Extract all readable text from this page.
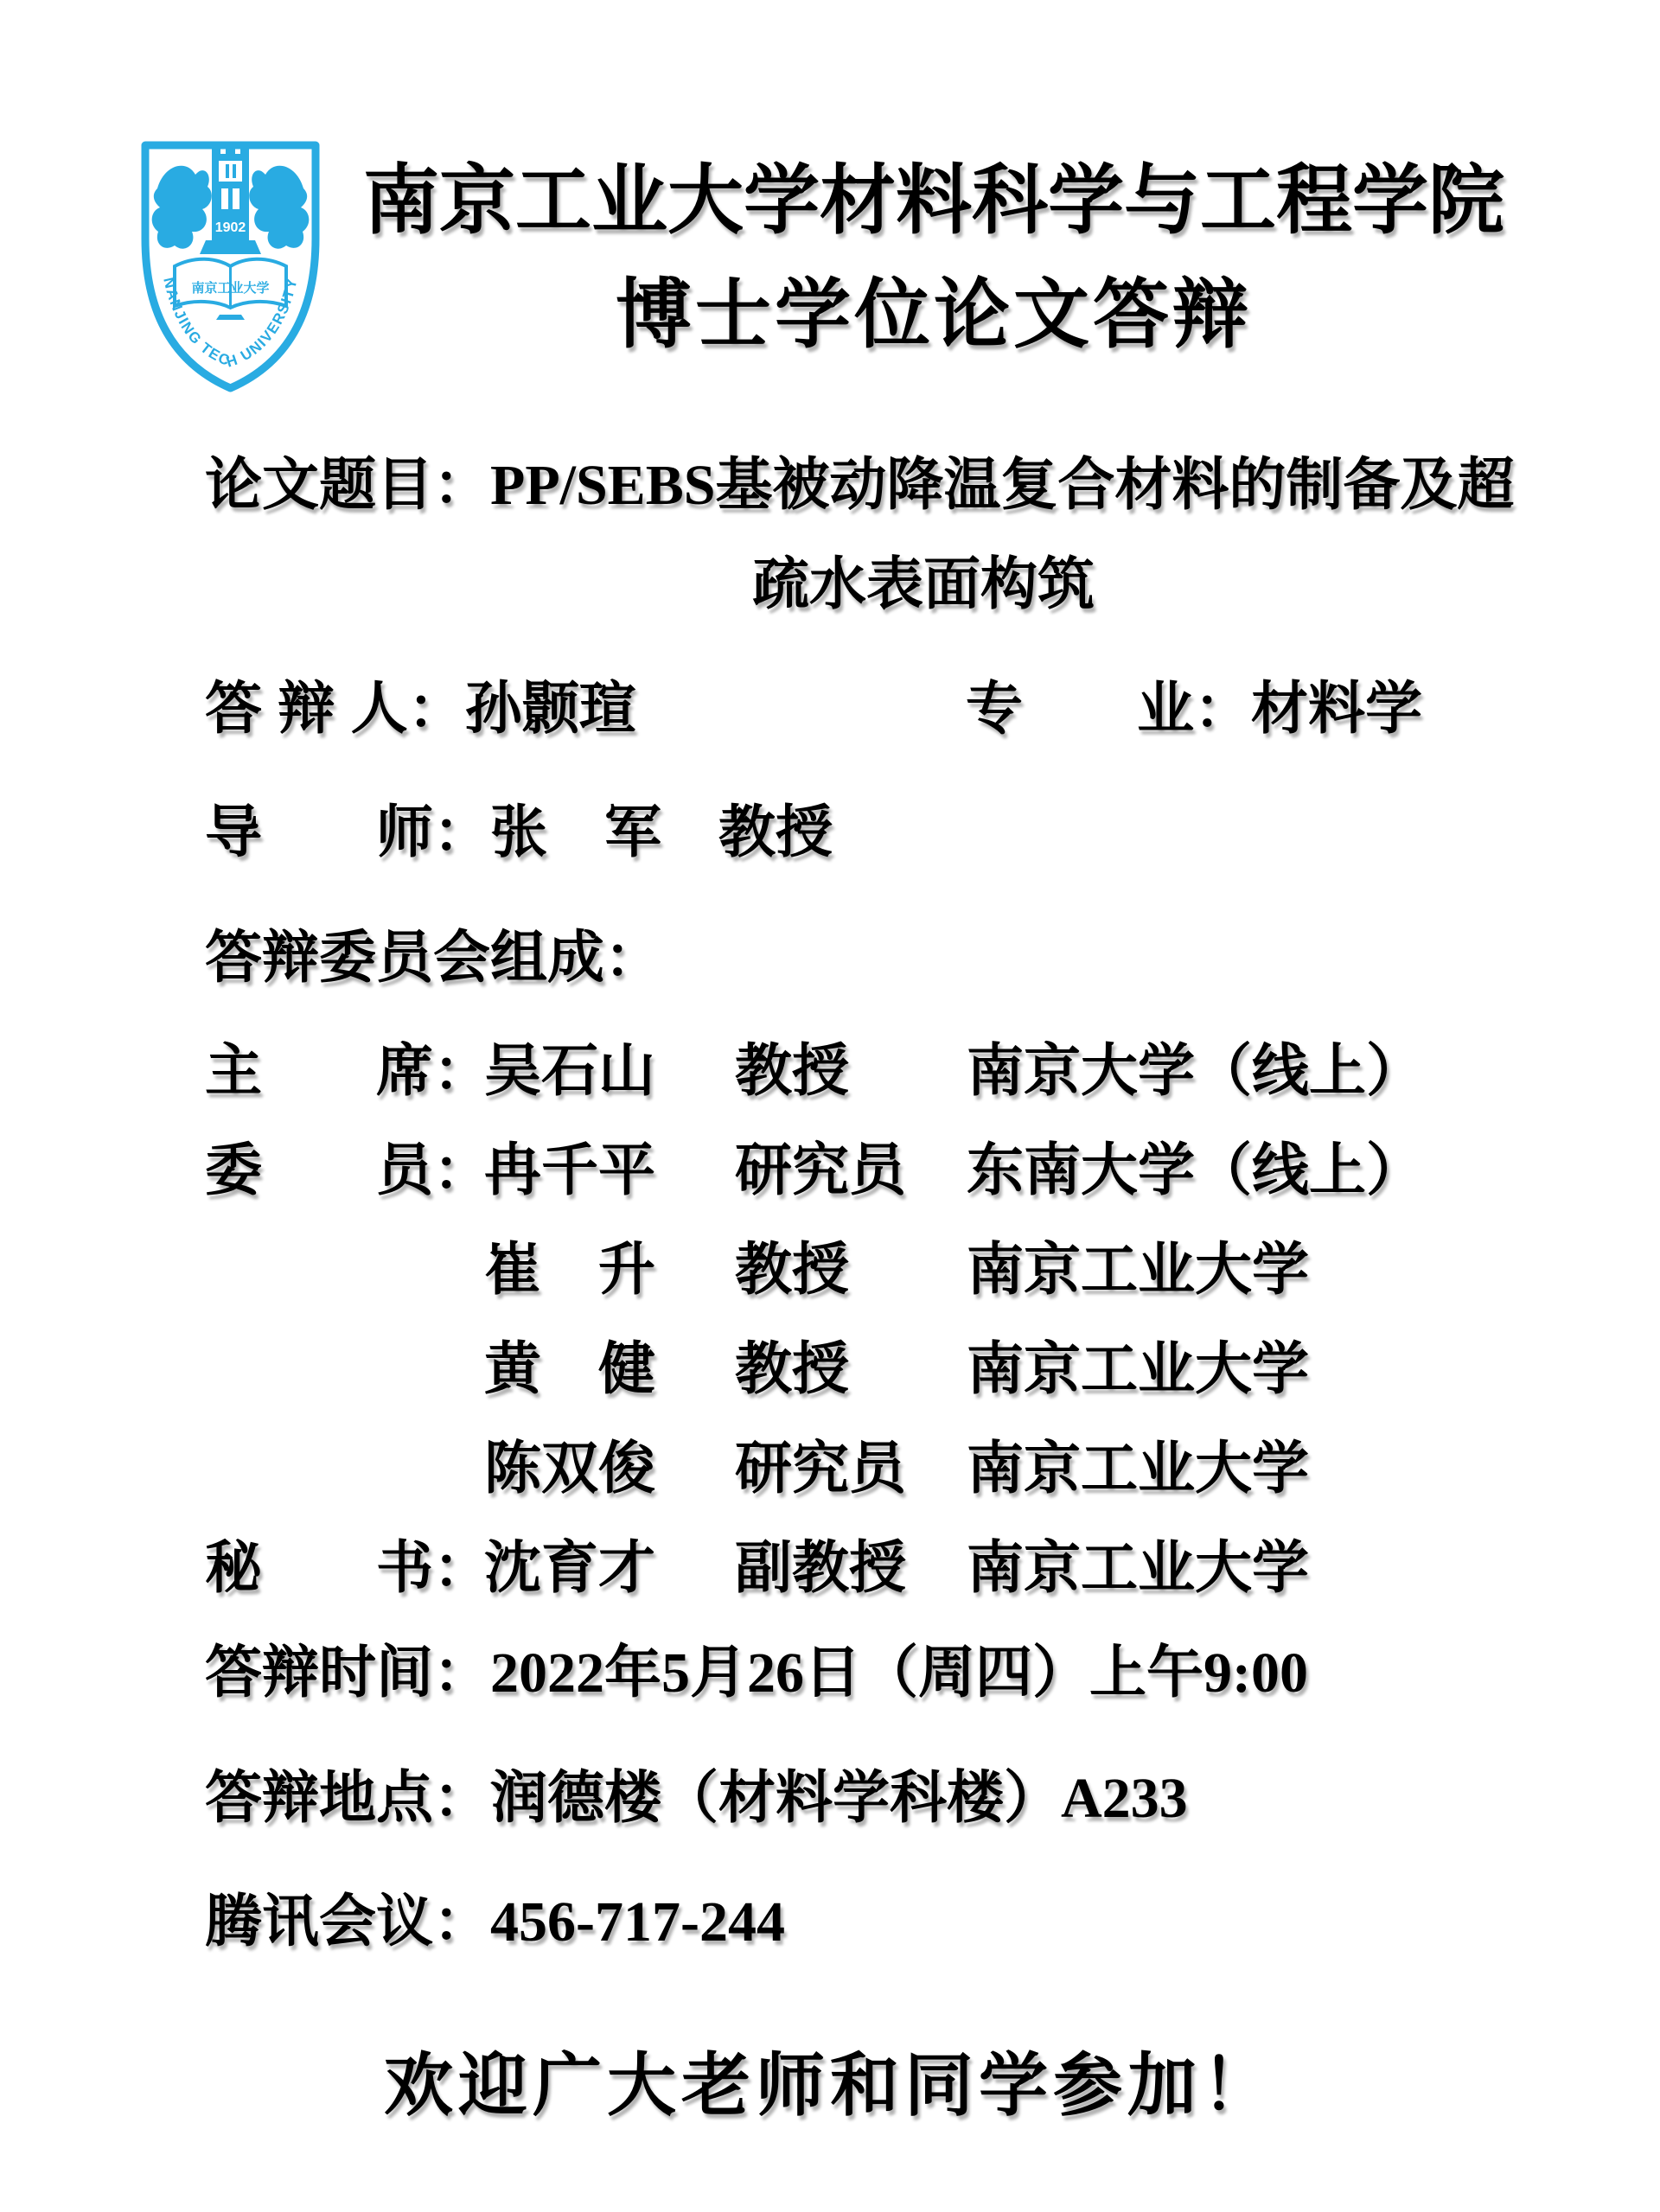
1902
南京工业大学
NANJING TECH UNIVERSITY
南京工业大学材料科学与工程学院
博士学位论文答辩
论文题目：PP/SEBS基被动降温复合材料的制备及超
疏水表面构筑
答 辩 人：孙颢瑄	专　　业：材料学
导　　师：张　军　教授
答辩委员会组成：
主　　席：
吴石山 教授 南京大学（线上）
委　　员：
冉千平 研究员 东南大学（线上）
崔　升 教授 南京工业大学
黄　健 教授 南京工业大学
陈双俊 研究员 南京工业大学
秘　　书：
沈育才 副教授 南京工业大学
答辩时间：2022年5月26日（周四）上午9:00
答辩地点：润德楼（材料学科楼）A233
腾讯会议：456-717-244
欢迎广大老师和同学参加！
